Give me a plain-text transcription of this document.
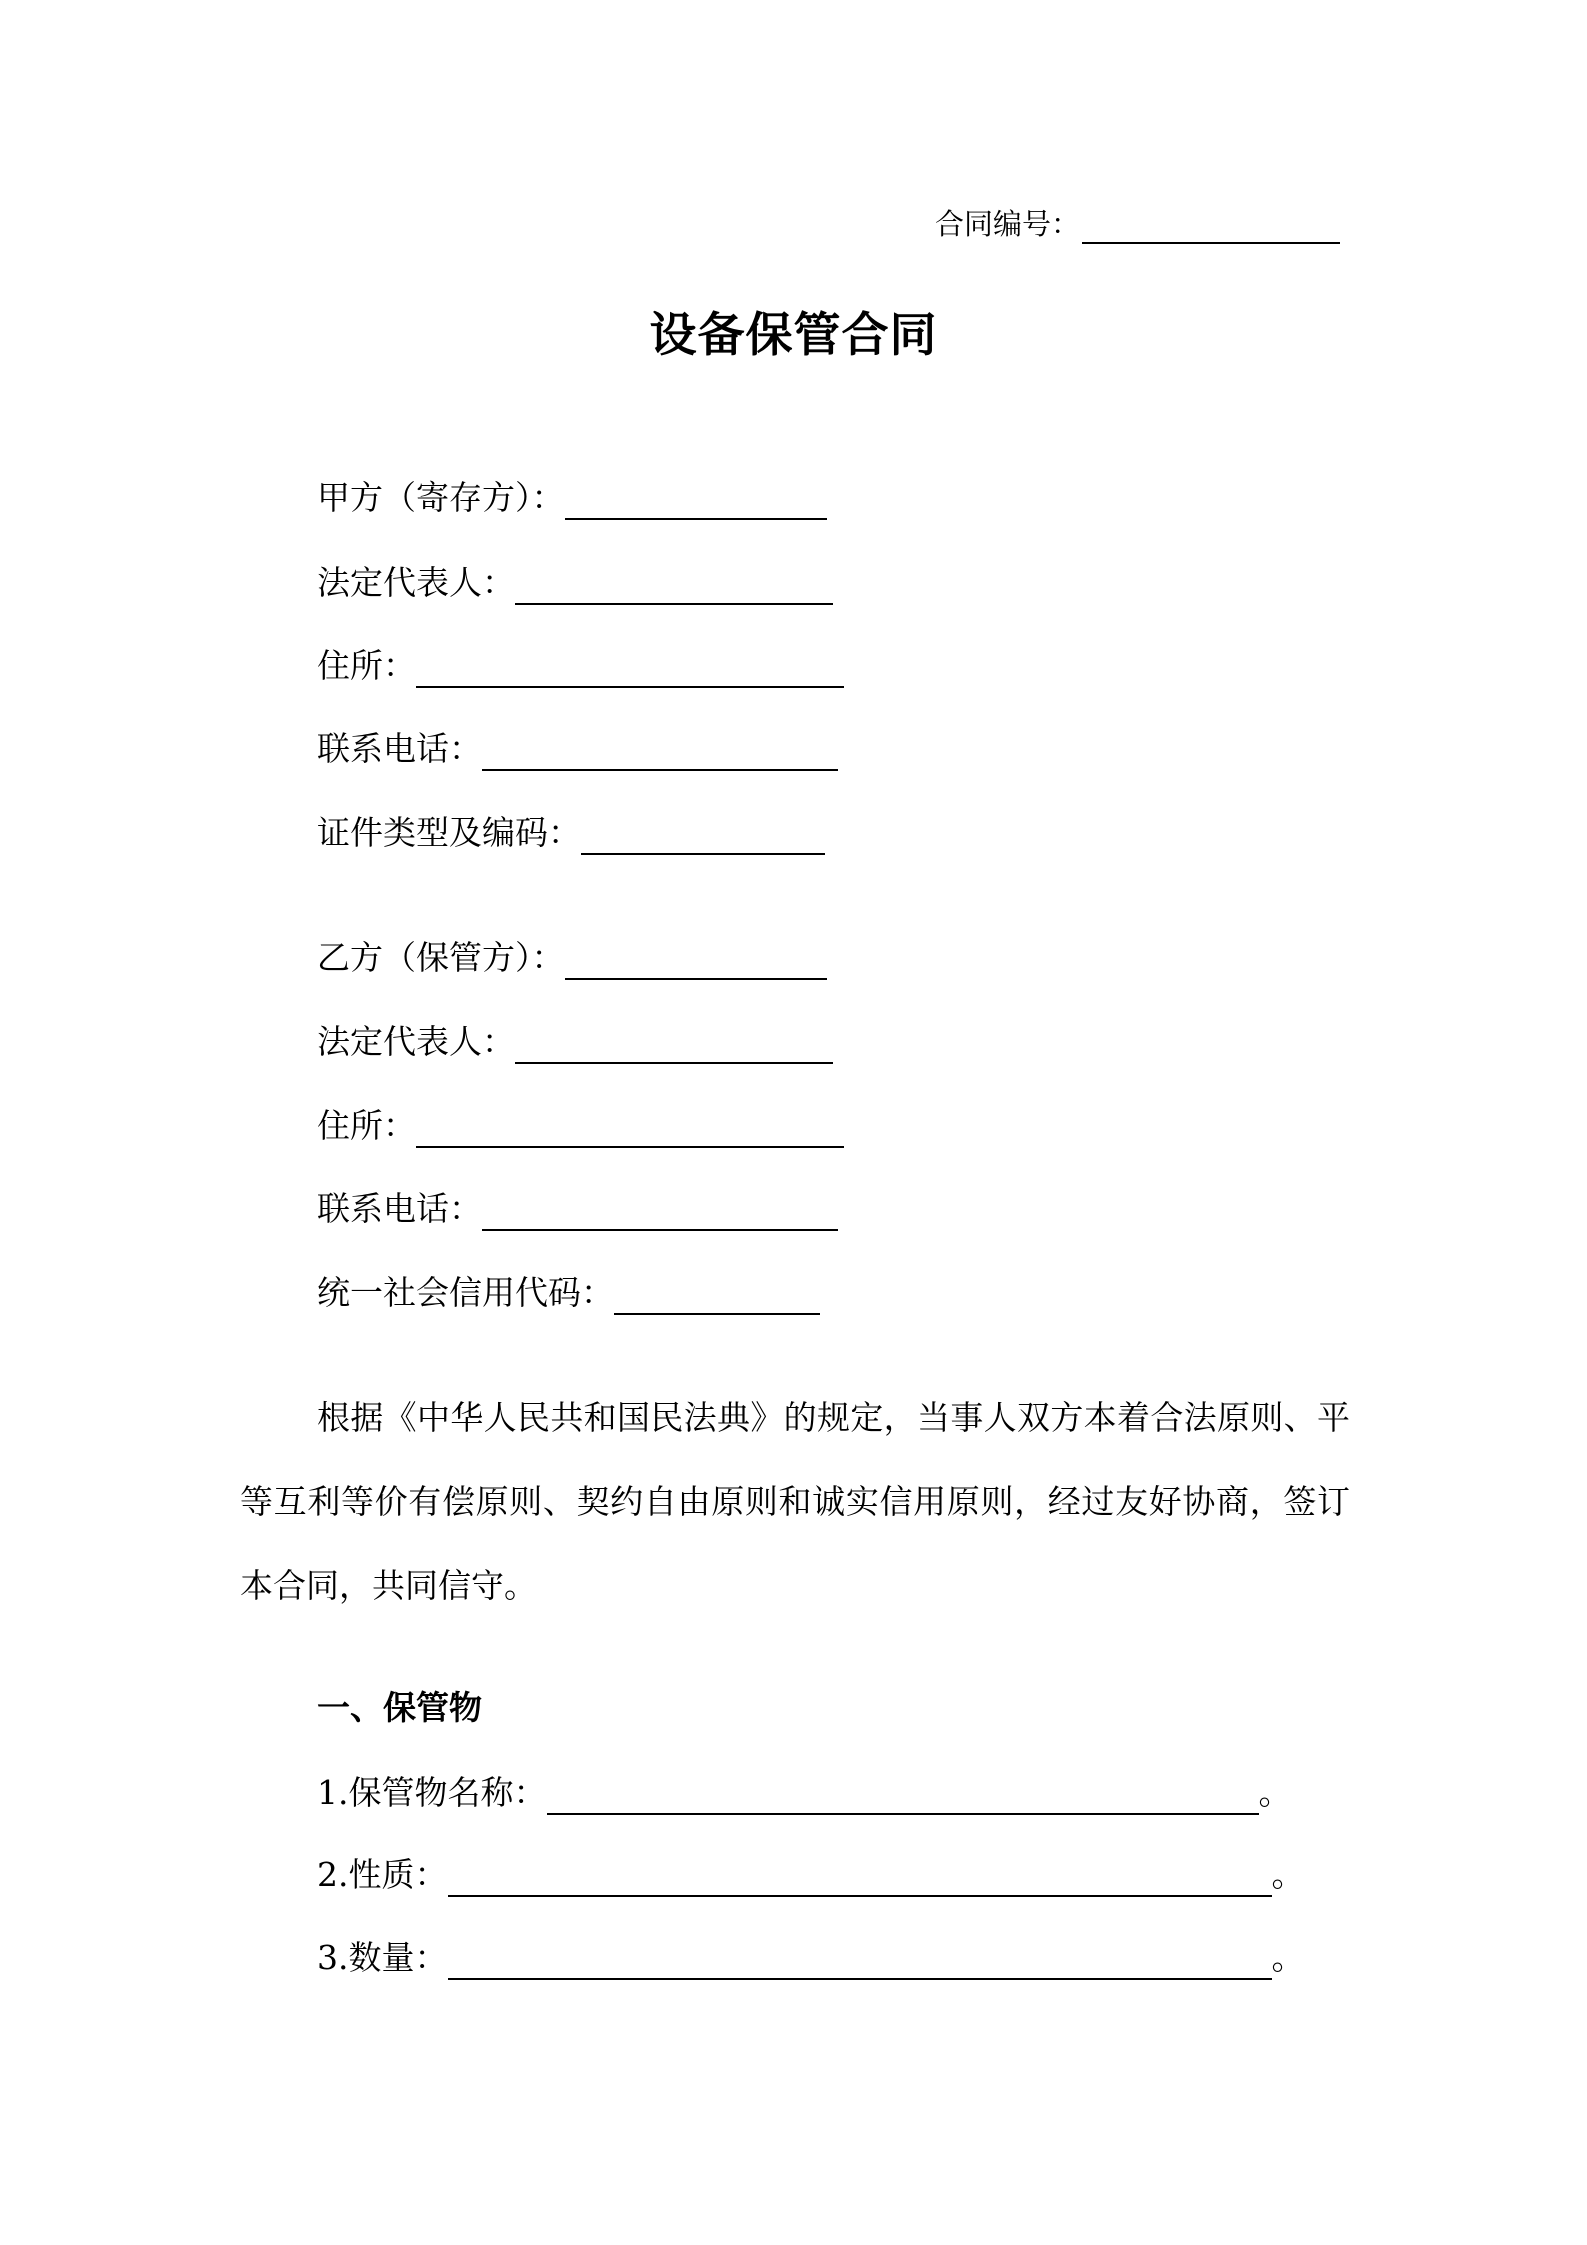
合同编号：
设备保管合同
甲方（寄存方）：
法定代表人：
住所：
联系电话：
证件类型及编码：
乙方（保管方）：
法定代表人：
住所：
联系电话：
统一社会信用代码：

根据《中华人民共和国民法典》的规定，当事人双方本着合法原则、平等互利等价有偿原则、契约自由原则和诚实信用原则，经过友好协商，签订本合同，共同信守。

一、保管物
1.保管物名称：	。
2.性质：	。
3.数量：	。
